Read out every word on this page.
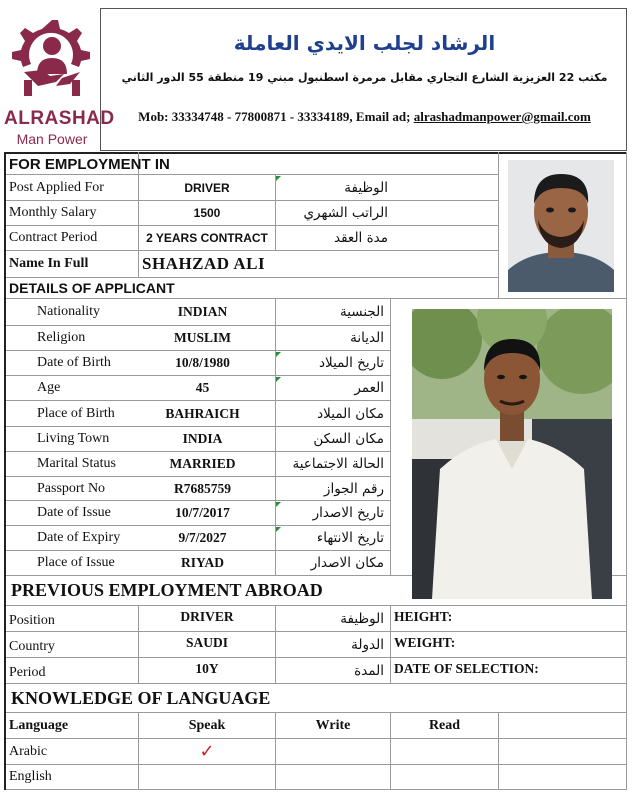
ALRASHAD
Man Power
الرشاد لجلب الايدي العاملة
مكتب 22 العزيزية الشارع التجاري مقابل مرمرة اسطنبول مبني 19 منطقة 55 الدور الثاني
Mob: 33334748 - 77800871 - 33334189, Email ad; alrashadmanpower@gmail.com
FOR EMPLOYMENT IN
Post Applied For	DRIVER	الوظيفة
Monthly Salary	1500	الراتب الشهري
Contract Period	2 YEARS CONTRACT	مدة العقد
Name In Full	SHAHZAD ALI
DETAILS OF APPLICANT
Nationality	INDIAN	الجنسية
Religion	MUSLIM	الديانة
Date of Birth	10/8/1980	تاريخ الميلاد
Age	45	العمر
Place of Birth	BAHRAICH	مكان الميلاد
Living Town	INDIA	مكان السكن
Marital Status	MARRIED	الحالة الاجتماعية
Passport No	R7685759	رقم الجواز
Date of Issue	10/7/2017	تاريخ الاصدار
Date of Expiry	9/7/2027	تاريخ الانتهاء
Place of Issue	RIYAD	مكان الاصدار
PREVIOUS EMPLOYMENT ABROAD
Position	DRIVER	الوظيفة HEIGHT:
Country	SAUDI	الدولة WEIGHT:
Period	10Y	المدة DATE OF SELECTION:
KNOWLEDGE OF LANGUAGE
Language	Speak	Write	Read
Arabic	✓
English
